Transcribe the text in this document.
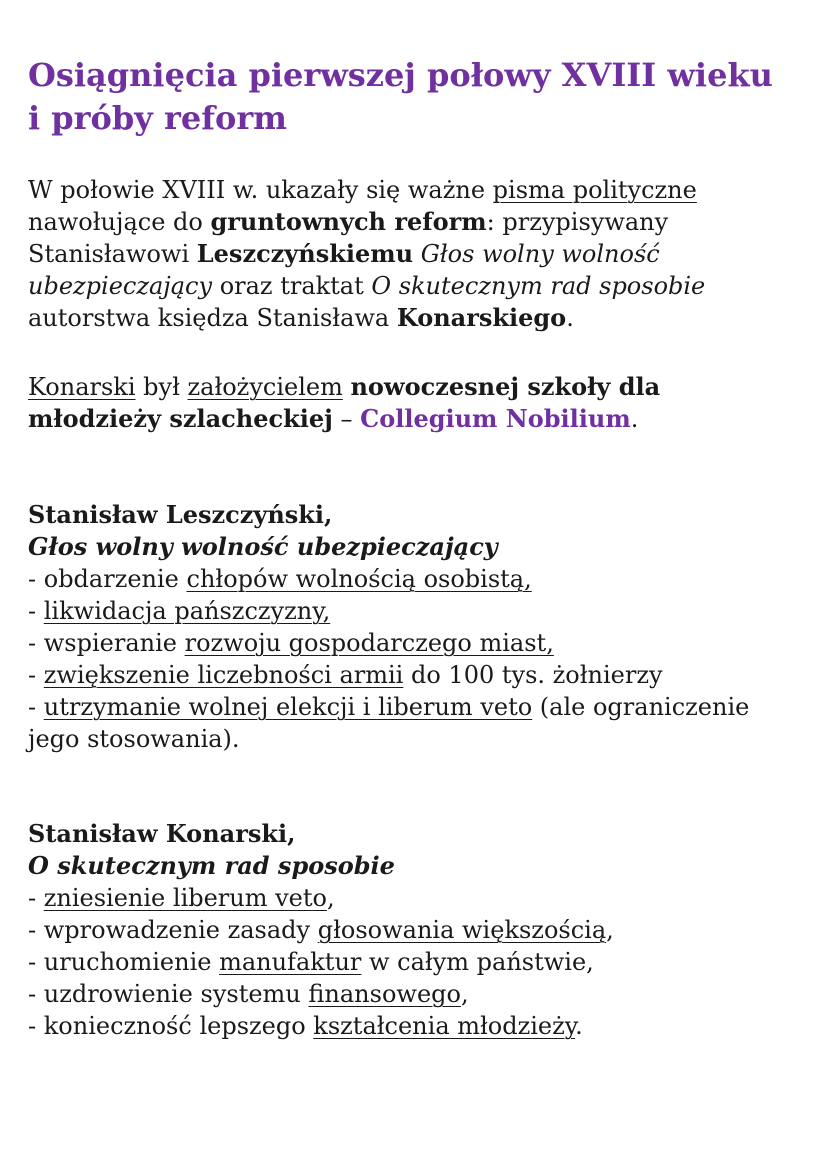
Osiągnięcia pierwszej połowy XVIII wieku i próby reform

W połowie XVIII w. ukazały się ważne pisma polityczne
nawołujące do gruntownych reform: przypisywany Stanisławowi Leszczyńskiemu Głos wolny wolność ubezpieczający oraz traktat O skutecznym rad sposobie autorstwa księdza Stanisława Konarskiego.

Konarski był założycielem nowoczesnej szkoły dla młodzieży szlacheckiej – Collegium Nobilium.

Stanisław Leszczyński,
Głos wolny wolność ubezpieczający
- obdarzenie chłopów wolnością osobistą,
- likwidacja pańszczyzny,
- wspieranie rozwoju gospodarczego miast,
- zwiększenie liczebności armii do 100 tys. żołnierzy
- utrzymanie wolnej elekcji i liberum veto (ale ograniczenie jego stosowania).
Stanisław Konarski,
O skutecznym rad sposobie
- zniesienie liberum veto,
- wprowadzenie zasady głosowania większością,
- uruchomienie manufaktur w całym państwie,
- uzdrowienie systemu finansowego,
- konieczność lepszego kształcenia młodzieży.
